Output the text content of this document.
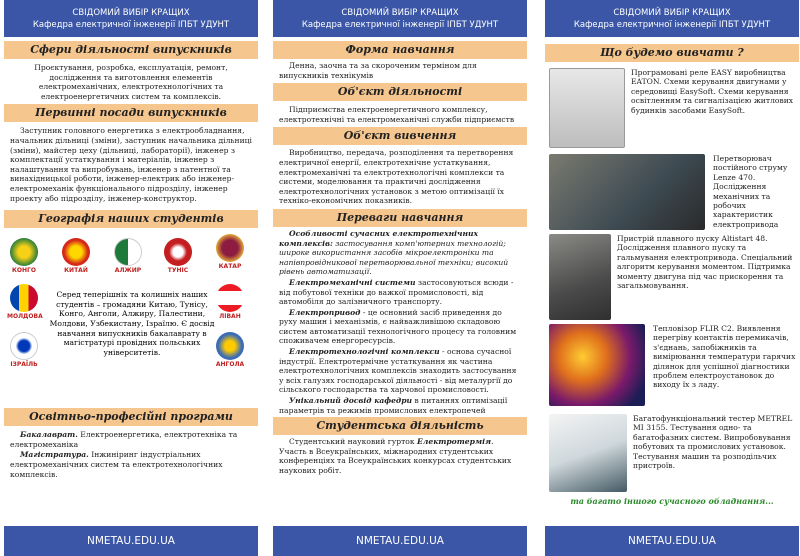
СВІДОМИЙ ВИБІР КРАЩИХ
Кафедра електричної інженерії ІПБТ УДУНТ
Сфери діяльності випускників
Проєктування, розробка, експлуатація, ремонт, дослідження та виготовлення елементів електромеханічних, електротехнологічних та електроенергетичних систем та комплексів.
Первинні посади випускників
Заступник головного енергетика з електрообладнання, начальник дільниці (зміни), заступник начальника дільниці (зміни), майстер цеху (дільниці, лабораторії), інженер з комплектації устаткування і матеріалів, інженер з налаштування та випробувань, інженер з патентної та винахідницької роботи, інженер-електрик або інженер-електромеханік функціонального підрозділу, інженер проекту або підрозділу, інженер-конструктор.
Географія наших студентів
КОНГО	КИТАЙ	АЛЖИР	ТУНІС
КАТАР
МОЛДОВА	ЛІВАН
ІЗРАЇЛЬ	АНГОЛА
Серед теперішніх та колишніх наших студентів – громадяни Китаю, Тунісу, Конго, Анголи, Алжиру, Палестини, Молдови, Узбекистану, Ізраїлю. Є досвід навчання випускників бакалаврату в магістратурі провідних польських університетів.
Освітньо-професійні програми

Бакалаврат. Електроенергетика, електротехніка та електромеханіка

Магістратура. Інжиніринг індустріальних електромеханічних систем та електротехнологічних комплексів.

NMETAU.EDU.UA
СВІДОМИЙ ВИБІР КРАЩИХ
Кафедра електричної інженерії ІПБТ УДУНТ
Форма навчання
Денна, заочна та за скороченим терміном для випускників технікумів
Об'єкт діяльності
Підприємства електроенергетичного комплексу, електротехнічні та електромеханічні служби підприємств
Об'єкт вивчення
Виробництво, передача, розподілення та перетворення електричної енергії, електротехнічне устаткування, електромеханічні та електротехнологічні комплекси та системи, моделювання та практичні дослідження електротехнологічних установок з метою оптимізації їх техніко-економічних показників.
Переваги навчання

Особливості сучасних електротехнічних комплексів: застосування комп'ютерних технологій; широке використання засобів мікроелектроніки та напівпровідникової перетворювальної техніки; високий рівень автоматизації.

Електромеханічні системи застосовуються всюди - від побутової техніки до важкої промисловості, від автомобіля до залізничного транспорту.

Електропривод - це основний засіб приведення до руху машин і механізмів, є найважливішою складовою систем автоматизації технологічного процесу та головним споживачем енергоресурсів.

Електротехнологічні комплекси - основа сучасної індустрії. Електротермічне устаткування як частина електротехнологічних комплексів знаходить застосування у всіх галузях господарської діяльності - від металургії до сільського господарства та харчової промисловості.

Унікальний досвід кафедри в питаннях оптимізації параметрів та режимів промислових електропечей

Студентська діяльність

Студентський науковий гурток Електротермія. Участь в Всеукраїнських, міжнародних студентських конференціях та Всеукраїнських конкурсах студентських наукових робіт.

NMETAU.EDU.UA
СВІДОМИЙ ВИБІР КРАЩИХ
Кафедра електричної інженерії ІПБТ УДУНТ
Що будемо вивчати ?
Програмовані реле EASY виробництва EATON. Схеми керування двигунами у середовищі EasySoft. Схеми керування освітленням та сигналізацією житлових будинків засобами EasySoft.
Перетворювач постійного струму Lenze 470. Дослідження механічних та робочих характеристик електропривода
Пристрій плавного пуску Altistart 48. Дослідження плавного пуску та гальмування електропривода. Спеціальний алгоритм керування моментом. Підтримка моменту двигуна під час прискорення та загальмовування.
Тепловізор FLIR C2. Виявлення перегріву контактів перемикачів, з'єднань, запобіжників та вимірювання температури гарячих ділянок для успішної діагностики проблем електроустановок до виходу їх з ладу.
Багатофункціональний тестер METREL MI 3155. Тестування одно- та багатофазних систем. Випробовування побутових та промислових установок. Тестування машин та розподільчих пристроїв.
та багато іншого сучасного обладнання...
NMETAU.EDU.UA
